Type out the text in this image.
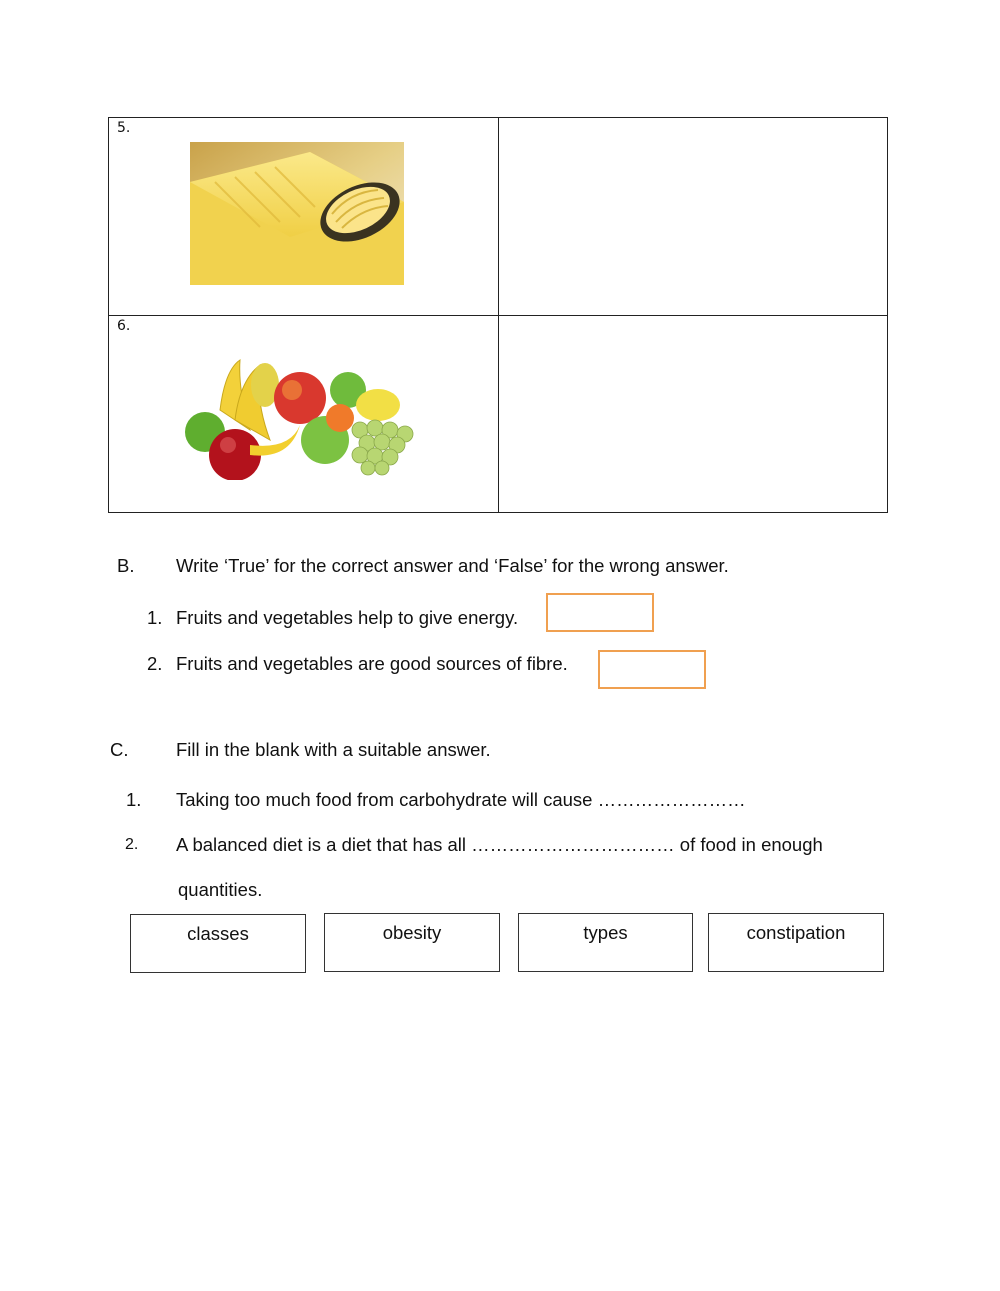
5.
6.
B. Write ‘True’ for the correct answer and ‘False’ for the wrong answer.
1. Fruits and vegetables help to give energy.
2. Fruits and vegetables are good sources of fibre.
C.	Fill in the blank with a suitable answer.
1. Taking too much food from carbohydrate will cause ……………………
2. A balanced diet is a diet that has all …………………………… of food in enough
quantities.
classes	obesity	types	constipation
